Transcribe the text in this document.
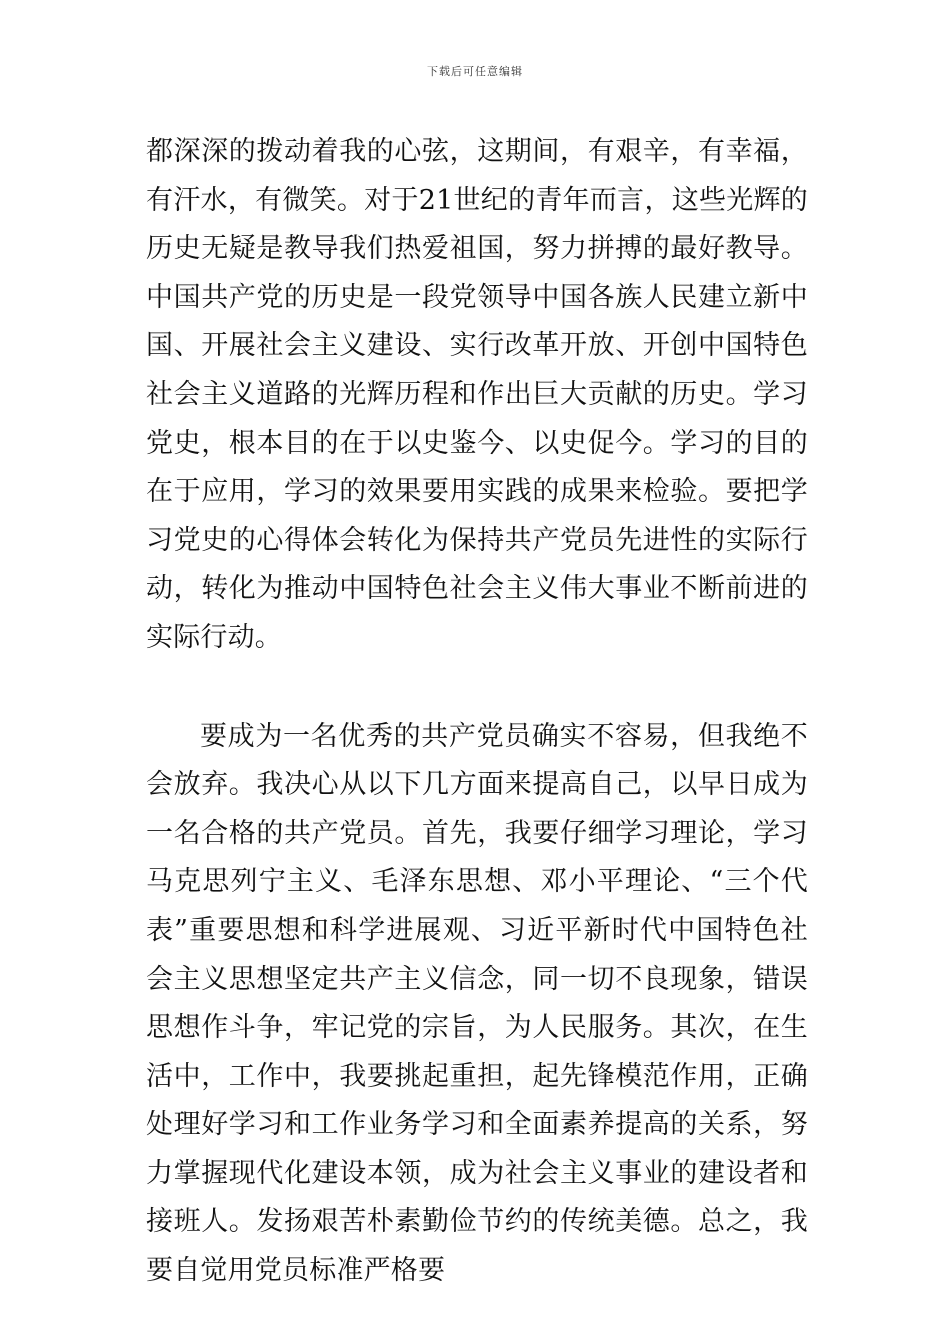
下载后可任意编辑

都深深的拨动着我的心弦，这期间，有艰辛，有幸福，有汗水，有微笑。对于21世纪的青年而言，这些光辉的历史无疑是教导我们热爱祖国，努力拼搏的最好教导。中国共产党的历史是一段党领导中国各族人民建立新中国、开展社会主义建设、实行改革开放、开创中国特色社会主义道路的光辉历程和作出巨大贡献的历史。学习党史，根本目的在于以史鉴今、以史促今。学习的目的在于应用，学习的效果要用实践的成果来检验。要把学习党史的心得体会转化为保持共产党员先进性的实际行动，转化为推动中国特色社会主义伟大事业不断前进的实际行动。

要成为一名优秀的共产党员确实不容易，但我绝不会放弃。我决心从以下几方面来提高自己，以早日成为一名合格的共产党员。首先，我要仔细学习理论，学习马克思列宁主义、毛泽东思想、邓小平理论、“三个代表”重要思想和科学进展观、习近平新时代中国特色社会主义思想坚定共产主义信念，同一切不良现象，错误思想作斗争，牢记党的宗旨，为人民服务。其次，在生活中，工作中，我要挑起重担，起先锋模范作用，正确处理好学习和工作业务学习和全面素养提高的关系，努力掌握现代化建设本领，成为社会主义事业的建设者和接班人。发扬艰苦朴素勤俭节约的传统美德。总之，我要自觉用党员标准严格要
